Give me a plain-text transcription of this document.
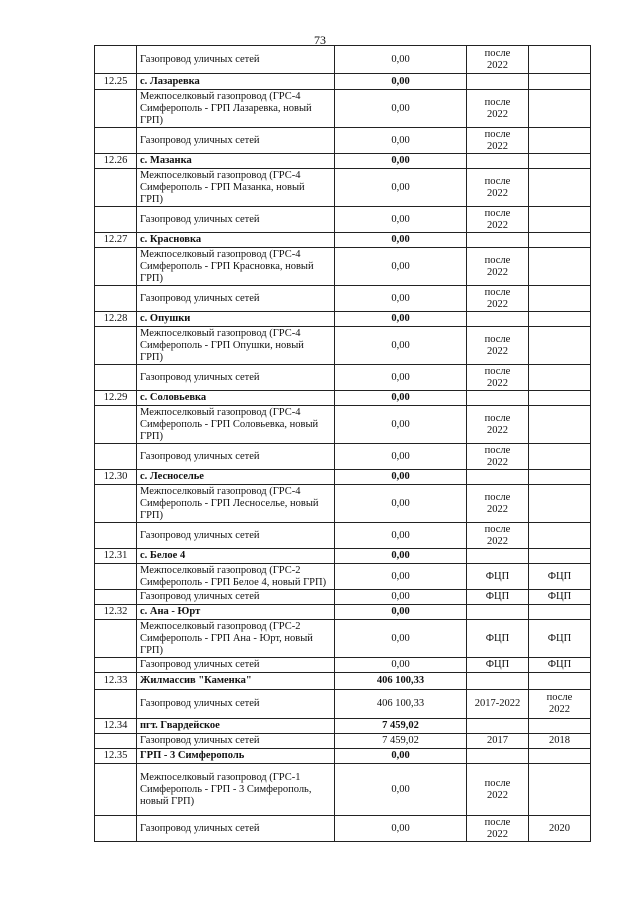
73
	Газопровод уличных сетей	0,00	после
2022	
12.25	с. Лазаревка	0,00		
	Межпоселковый газопровод (ГРС-4
Симферополь - ГРП Лазаревка, новый
ГРП)	0,00	после
2022	
	Газопровод уличных сетей	0,00	после
2022	
12.26	с. Мазанка	0,00		
	Межпоселковый газопровод (ГРС-4
Симферополь - ГРП Мазанка, новый
ГРП)	0,00	после
2022	
	Газопровод уличных сетей	0,00	после
2022	
12.27	с. Красновка	0,00		
	Межпоселковый газопровод (ГРС-4
Симферополь - ГРП Красновка, новый
ГРП)	0,00	после
2022	
	Газопровод уличных сетей	0,00	после
2022	
12.28	с. Опушки	0,00		
	Межпоселковый газопровод (ГРС-4
Симферополь - ГРП Опушки, новый
ГРП)	0,00	после
2022	
	Газопровод уличных сетей	0,00	после
2022	
12.29	с. Соловьевка	0,00		
	Межпоселковый газопровод (ГРС-4
Симферополь - ГРП Соловьевка, новый
ГРП)	0,00	после
2022	
	Газопровод уличных сетей	0,00	после
2022	
12.30	с. Лесноселье	0,00		
	Межпоселковый газопровод (ГРС-4
Симферополь - ГРП Лесноселье, новый
ГРП)	0,00	после
2022	
	Газопровод уличных сетей	0,00	после
2022	
12.31	с. Белое 4	0,00		
	Межпоселковый газопровод (ГРС-2
Симферополь - ГРП Белое 4, новый ГРП)	0,00	ФЦП	ФЦП
	Газопровод уличных сетей	0,00	ФЦП	ФЦП
12.32	с. Ана - Юрт	0,00		
	Межпоселковый газопровод (ГРС-2
Симферополь - ГРП Ана - Юрт, новый
ГРП)	0,00	ФЦП	ФЦП
	Газопровод уличных сетей	0,00	ФЦП	ФЦП
12.33	Жилмассив "Каменка"	406 100,33		
	Газопровод уличных сетей	406 100,33	2017-2022	после
2022
12.34	пгт. Гвардейское	7 459,02		
	Газопровод уличных сетей	7 459,02	2017	2018
12.35	ГРП - 3 Симферополь	0,00		
	Межпоселковый газопровод (ГРС-1
Симферополь - ГРП - 3 Симферополь,
новый ГРП)	0,00	после
2022	
	Газопровод уличных сетей	0,00	после
2022	2020
